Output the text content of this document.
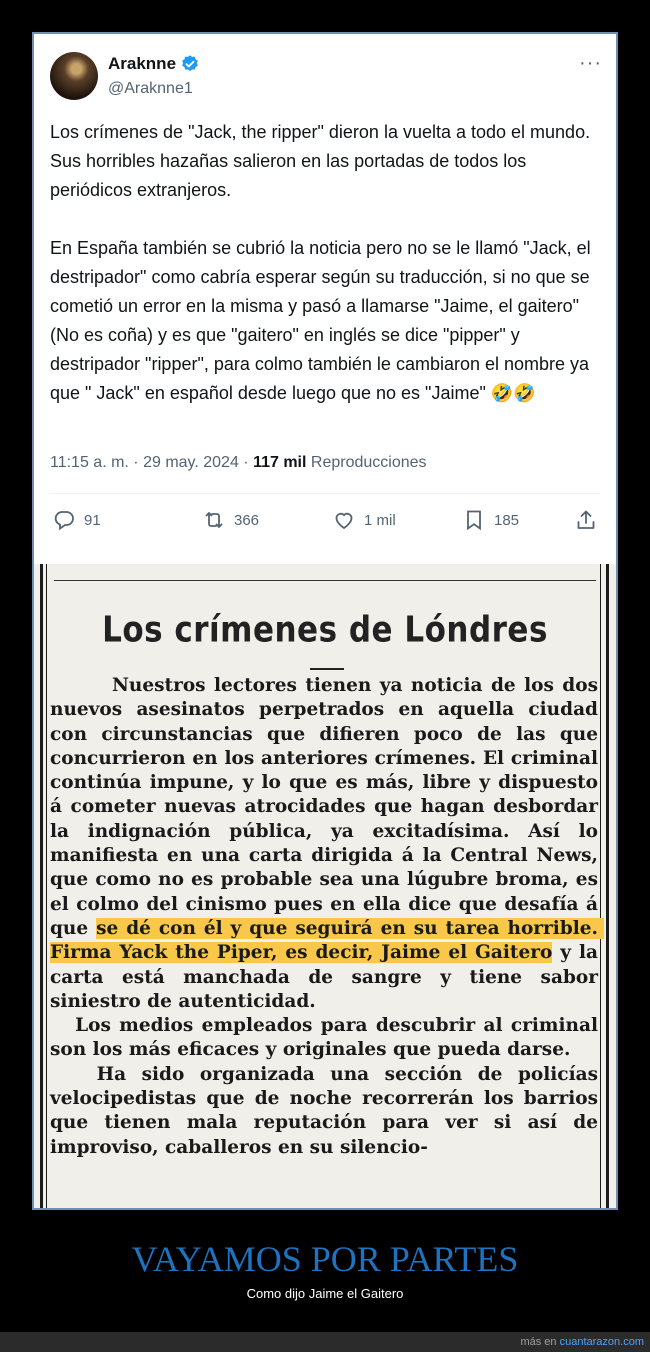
Araknne
@Araknne1
···
Los crímenes de "Jack, the ripper" dieron la vuelta a todo el mundo. Sus horribles hazañas salieron en las portadas de todos los periódicos extranjeros.

En España también se cubrió la noticia pero no se le llamó "Jack, el destripador" como cabría esperar según su traducción, si no que se cometió un error en la misma y pasó a llamarse "Jaime, el gaitero" (No es coña) y es que "gaitero" en inglés se dice "pipper" y destripador "ripper", para colmo también le cambiaron el nombre ya que " Jack" en español desde luego que no es "Jaime" 🤣🤣
11:15 a. m. · 29 may. 2024 · 117 mil Reproducciones
91	366	1 mil	185
Los crímenes de Lóndres
Nuestros lectores tienen ya noticia de los dos nuevos asesinatos perpetrados en aquella ciudad con circunstancias que difieren poco de las que concurrieron en los anteriores crímenes. El criminal continúa impune, y lo que es más, libre y dispuesto á cometer nuevas atrocidades que hagan desbordar la indignación pública, ya excitadísima. Así lo manifiesta en una carta dirigida á la Central News, que como no es probable sea una lúgubre broma, es el colmo del cinismo pues en ella dice que desafía á que se dé con él y que seguirá en su tarea horrible. Firma Yack the Piper, es decir, Jaime el Gaitero y la carta está manchada de sangre y tiene sabor siniestro de autenticidad.
Los medios empleados para descubrir al criminal son los más eficaces y originales que pueda darse.
Ha sido organizada una sección de policías velocipedistas que de noche recorrerán los barrios que tienen mala reputación para ver si así de improviso, caballeros en su silencio-
VAYAMOS POR PARTES
Como dijo Jaime el Gaitero
más en cuantarazon.com
